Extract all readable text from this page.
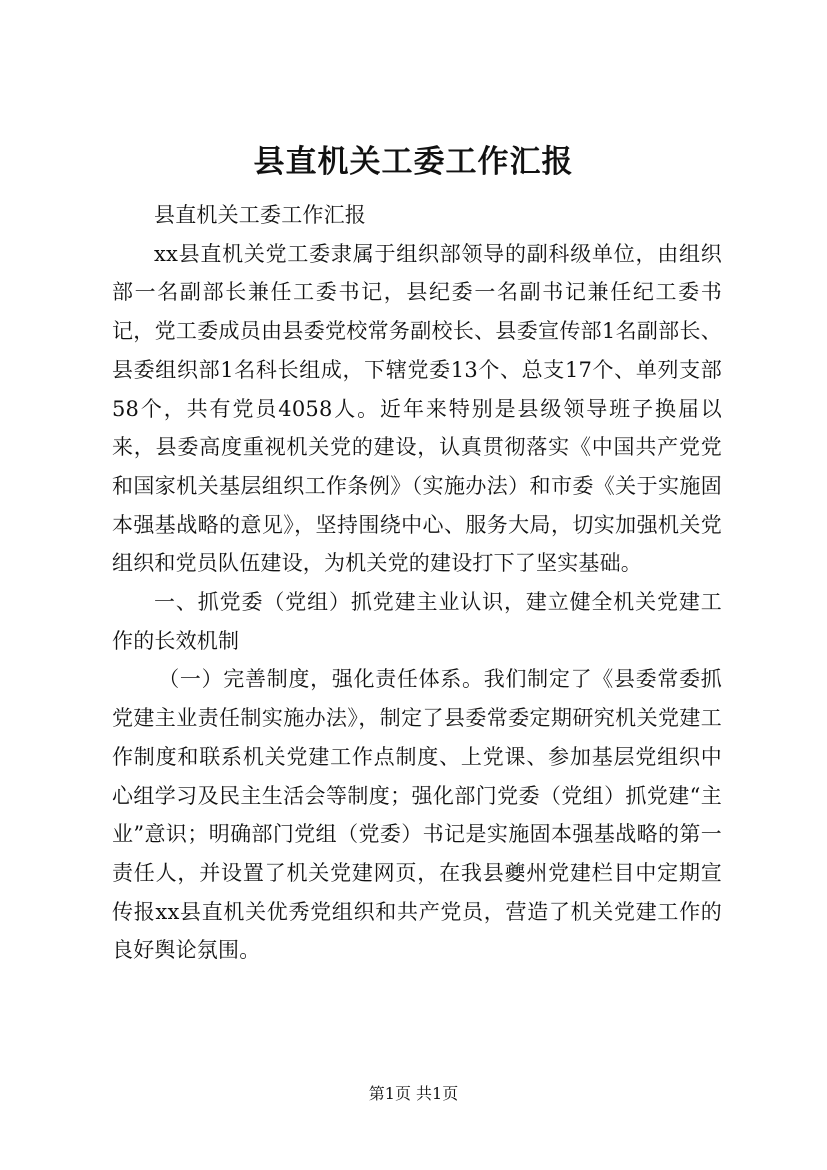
县直机关工委工作汇报

县直机关工委工作汇报

xx县直机关党工委隶属于组织部领导的副科级单位，由组织部一名副部长兼任工委书记，县纪委一名副书记兼任纪工委书记，党工委成员由县委党校常务副校长、县委宣传部1名副部长、县委组织部1名科长组成，下辖党委13个、总支17个、单列支部58个，共有党员4058人。近年来特别是县级领导班子换届以来，县委高度重视机关党的建设，认真贯彻落实《中国共产党党和国家机关基层组织工作条例》（实施办法）和市委《关于实施固本强基战略的意见》，坚持围绕中心、服务大局，切实加强机关党组织和党员队伍建设，为机关党的建设打下了坚实基础。

一、抓党委（党组）抓党建主业认识，建立健全机关党建工作的长效机制

（一）完善制度，强化责任体系。我们制定了《县委常委抓党建主业责任制实施办法》，制定了县委常委定期研究机关党建工作制度和联系机关党建工作点制度、上党课、参加基层党组织中心组学习及民主生活会等制度；强化部门党委（党组）抓党建“主业”意识；明确部门党组（党委）书记是实施固本强基战略的第一责任人，并设置了机关党建网页，在我县夔州党建栏目中定期宣传报xx县直机关优秀党组织和共产党员，营造了机关党建工作的良好舆论氛围。

第1页 共1页
